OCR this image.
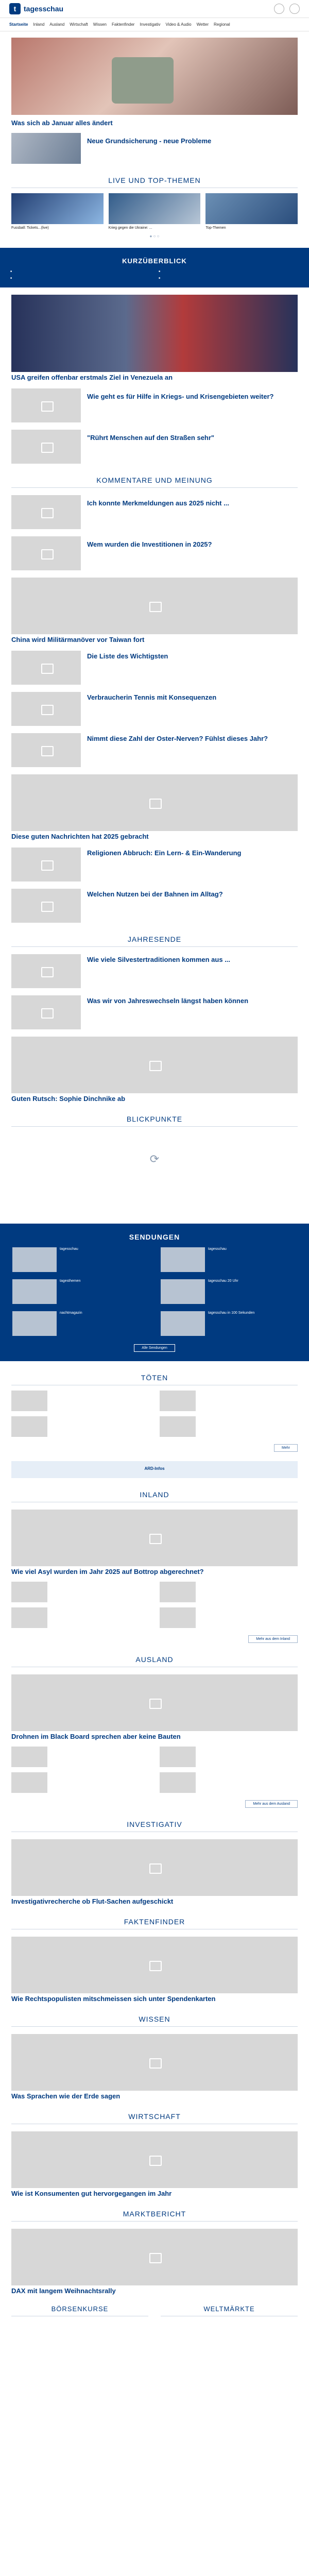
t	tagesschau
Startseite Inland Ausland Wirtschaft Wissen Faktenfinder Investigativ Video & Audio Wetter Regional
Was sich ab Januar alles ändert
Neue Grundsicherung - neue Probleme
LIVE UND TOP-THEMEN
Fussball: Tickets...(live)	Krieg gegen die Ukraine: ...	Top-Themen
● ○ ○
KURZÜBERBLICK
■
■
■
■
USA greifen offenbar erstmals Ziel in Venezuela an
Wie geht es für Hilfe in Kriegs- und Krisengebieten weiter?
"Rührt Menschen auf den Straßen sehr"
KOMMENTARE UND MEINUNG
Ich konnte Merkmeldungen aus 2025 nicht ...
Wem wurden die Investitionen in 2025?
China wird Militärmanöver vor Taiwan fort
Die Liste des Wichtigsten
Verbraucherin Tennis mit Konsequenzen
Nimmt diese Zahl der Oster-Nerven? Fühlst dieses Jahr?
Diese guten Nachrichten hat 2025 gebracht
Religionen Abbruch: Ein Lern- & Ein-Wanderung
Welchen Nutzen bei der Bahnen im Alltag?
JAHRESENDE
Wie viele Silvestertraditionen kommen aus ...
Was wir von Jahreswechseln längst haben können
Guten Rutsch: Sophie Dinchnike ab
BLICKPUNKTE
⟳
SENDUNGEN
tagesschau	tagesschau
tagesthemen	tagesschau 20 Uhr
nachtmagazin	tagesschau in 100 Sekunden
Alle Sendungen
TÖTEN
Mehr
ARD-Infos
INLAND
Wie viel Asyl wurden im Jahr 2025 auf Bottrop abgerechnet?
Mehr aus dem Inland
AUSLAND
Drohnen im Black Board sprechen aber keine Bauten
Mehr aus dem Ausland
INVESTIGATIV
Investigativrecherche ob Flut-Sachen aufgeschickt
FAKTENFINDER
Wie Rechtspopulisten mitschmeissen sich unter Spendenkarten
WISSEN
Was Sprachen wie der Erde sagen
WIRTSCHAFT
Wie ist Konsumenten gut hervorgegangen im Jahr
MARKTBERICHT
DAX mit langem Weihnachtsrally
BÖRSENKURSE	WELTMÄRKTE
